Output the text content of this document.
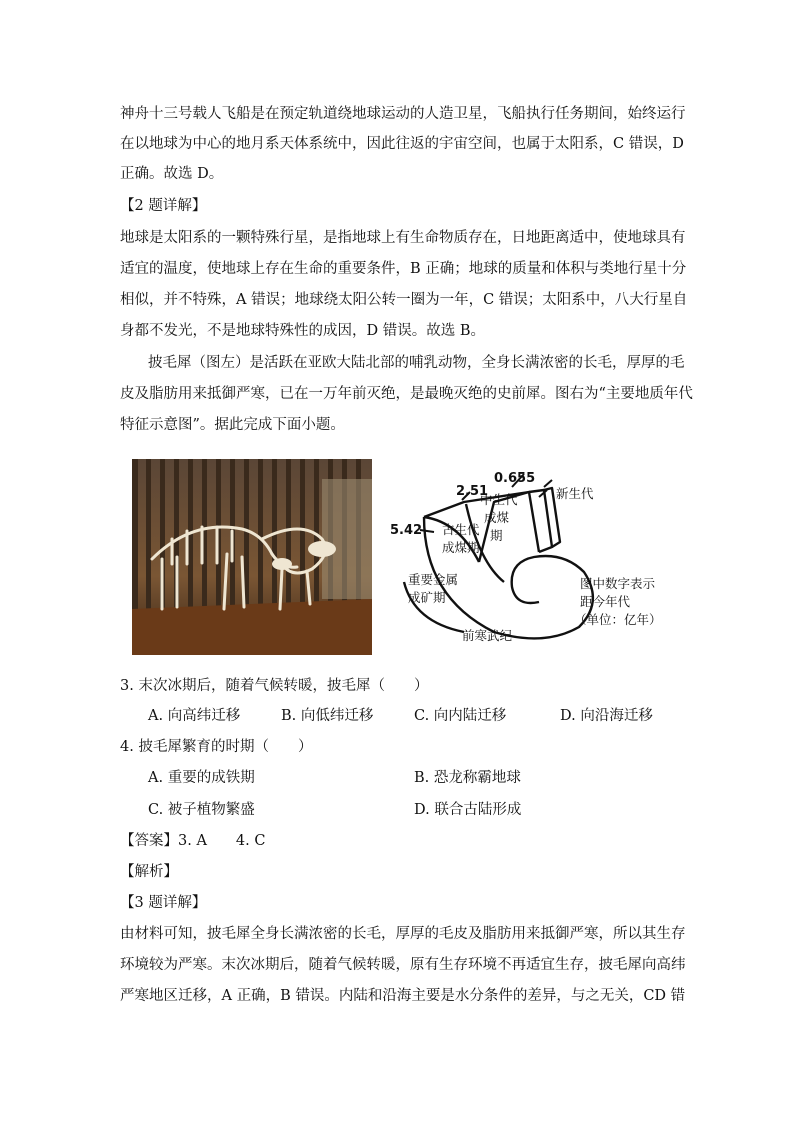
神舟十三号载人飞船是在预定轨道绕地球运动的人造卫星，飞船执行任务期间，始终运行
在以地球为中心的地月系天体系统中，因此往返的宇宙空间，也属于太阳系，C 错误，D
正确。故选 D。
【2 题详解】
地球是太阳系的一颗特殊行星，是指地球上有生命物质存在，日地距离适中，使地球具有
适宜的温度，使地球上存在生命的重要条件，B 正确；地球的质量和体积与类地行星十分
相似，并不特殊，A 错误；地球绕太阳公转一圈为一年，C 错误；太阳系中，八大行星自
身都不发光，不是地球特殊性的成因，D 错误。故选 B。
披毛犀（图左）是活跃在亚欧大陆北部的哺乳动物，全身长满浓密的长毛，厚厚的毛
皮及脂肪用来抵御严寒，已在一万年前灭绝，是最晚灭绝的史前犀。图右为“主要地质年代
特征示意图”。据此完成下面小题。
0.655
2.51
5.42
新生代
中生代
成煤
期
古生代
成煤期
重要金属
成矿期
前寒武纪
图中数字表示
距今年代
（单位：亿年）
3. 末次冰期后，随着气候转暖，披毛犀（　　）
A. 向高纬迁移	B. 向低纬迁移	C. 向内陆迁移	D. 向沿海迁移
4. 披毛犀繁育的时期（　　）
A. 重要的成铁期	B. 恐龙称霸地球
C. 被子植物繁盛	D. 联合古陆形成
【答案】3. A　　4. C
【解析】
【3 题详解】
由材料可知，披毛犀全身长满浓密的长毛，厚厚的毛皮及脂肪用来抵御严寒，所以其生存
环境较为严寒。末次冰期后，随着气候转暖，原有生存环境不再适宜生存，披毛犀向高纬
严寒地区迁移，A 正确，B 错误。内陆和沿海主要是水分条件的差异，与之无关，CD 错
